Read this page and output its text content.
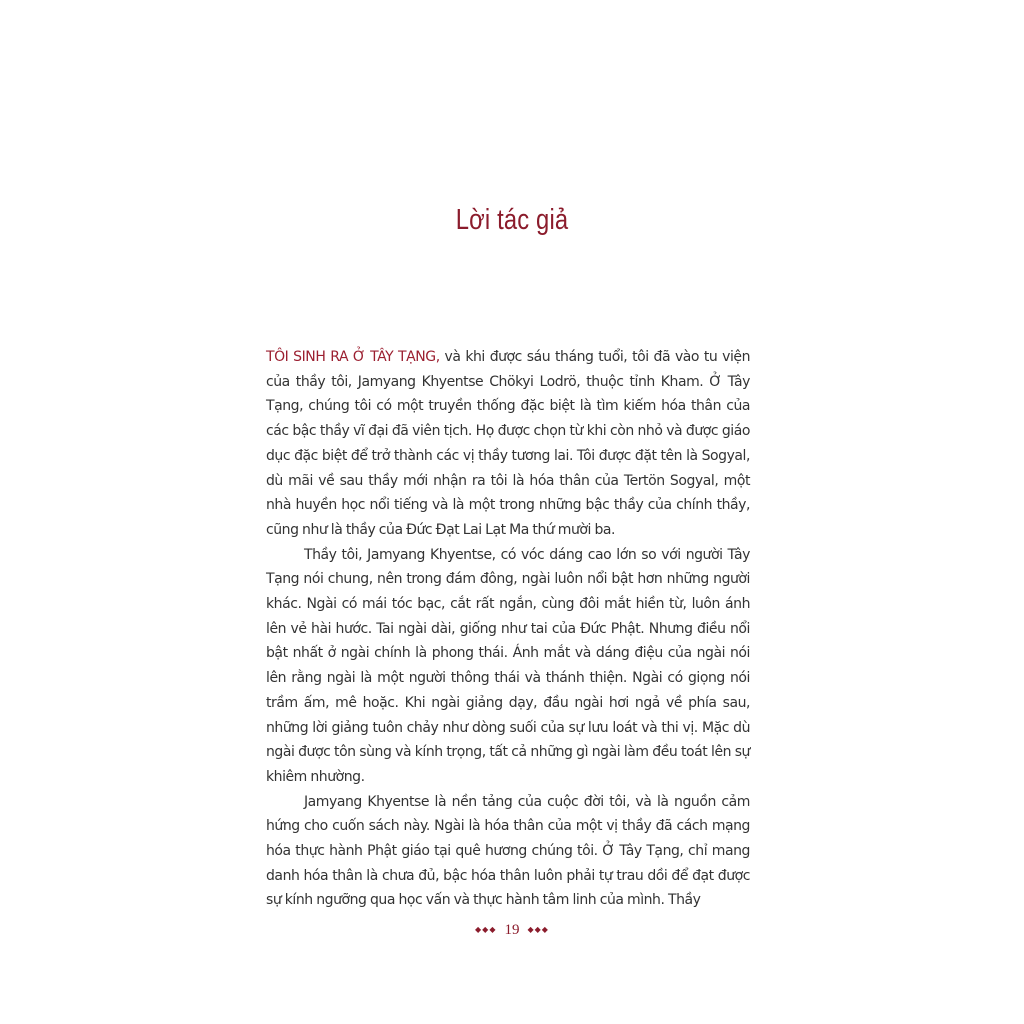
Lời tác giả

TÔI SINH RA Ở TÂY TẠNG, và khi được sáu tháng tuổi, tôi đã vào tu viện của thầy tôi, Jamyang Khyentse Chökyi Lodrö, thuộc tỉnh Kham. Ở Tây Tạng, chúng tôi có một truyền thống đặc biệt là tìm kiếm hóa thân của các bậc thầy vĩ đại đã viên tịch. Họ được chọn từ khi còn nhỏ và được giáo dục đặc biệt để trở thành các vị thầy tương lai. Tôi được đặt tên là Sogyal, dù mãi về sau thầy mới nhận ra tôi là hóa thân của Tertön Sogyal, một nhà huyền học nổi tiếng và là một trong những bậc thầy của chính thầy, cũng như là thầy của Đức Đạt Lai Lạt Ma thứ mười ba.

Thầy tôi, Jamyang Khyentse, có vóc dáng cao lớn so với người Tây Tạng nói chung, nên trong đám đông, ngài luôn nổi bật hơn những người khác. Ngài có mái tóc bạc, cắt rất ngắn, cùng đôi mắt hiền từ, luôn ánh lên vẻ hài hước. Tai ngài dài, giống như tai của Đức Phật. Nhưng điều nổi bật nhất ở ngài chính là phong thái. Ánh mắt và dáng điệu của ngài nói lên rằng ngài là một người thông thái và thánh thiện. Ngài có giọng nói trầm ấm, mê hoặc. Khi ngài giảng dạy, đầu ngài hơi ngả về phía sau, những lời giảng tuôn chảy như dòng suối của sự lưu loát và thi vị. Mặc dù ngài được tôn sùng và kính trọng, tất cả những gì ngài làm đều toát lên sự khiêm nhường.

Jamyang Khyentse là nền tảng của cuộc đời tôi, và là nguồn cảm hứng cho cuốn sách này. Ngài là hóa thân của một vị thầy đã cách mạng hóa thực hành Phật giáo tại quê hương chúng tôi. Ở Tây Tạng, chỉ mang danh hóa thân là chưa đủ, bậc hóa thân luôn phải tự trau dồi để đạt được sự kính ngưỡng qua học vấn và thực hành tâm linh của mình. Thầy

◆◆◆ 19 ◆◆◆
